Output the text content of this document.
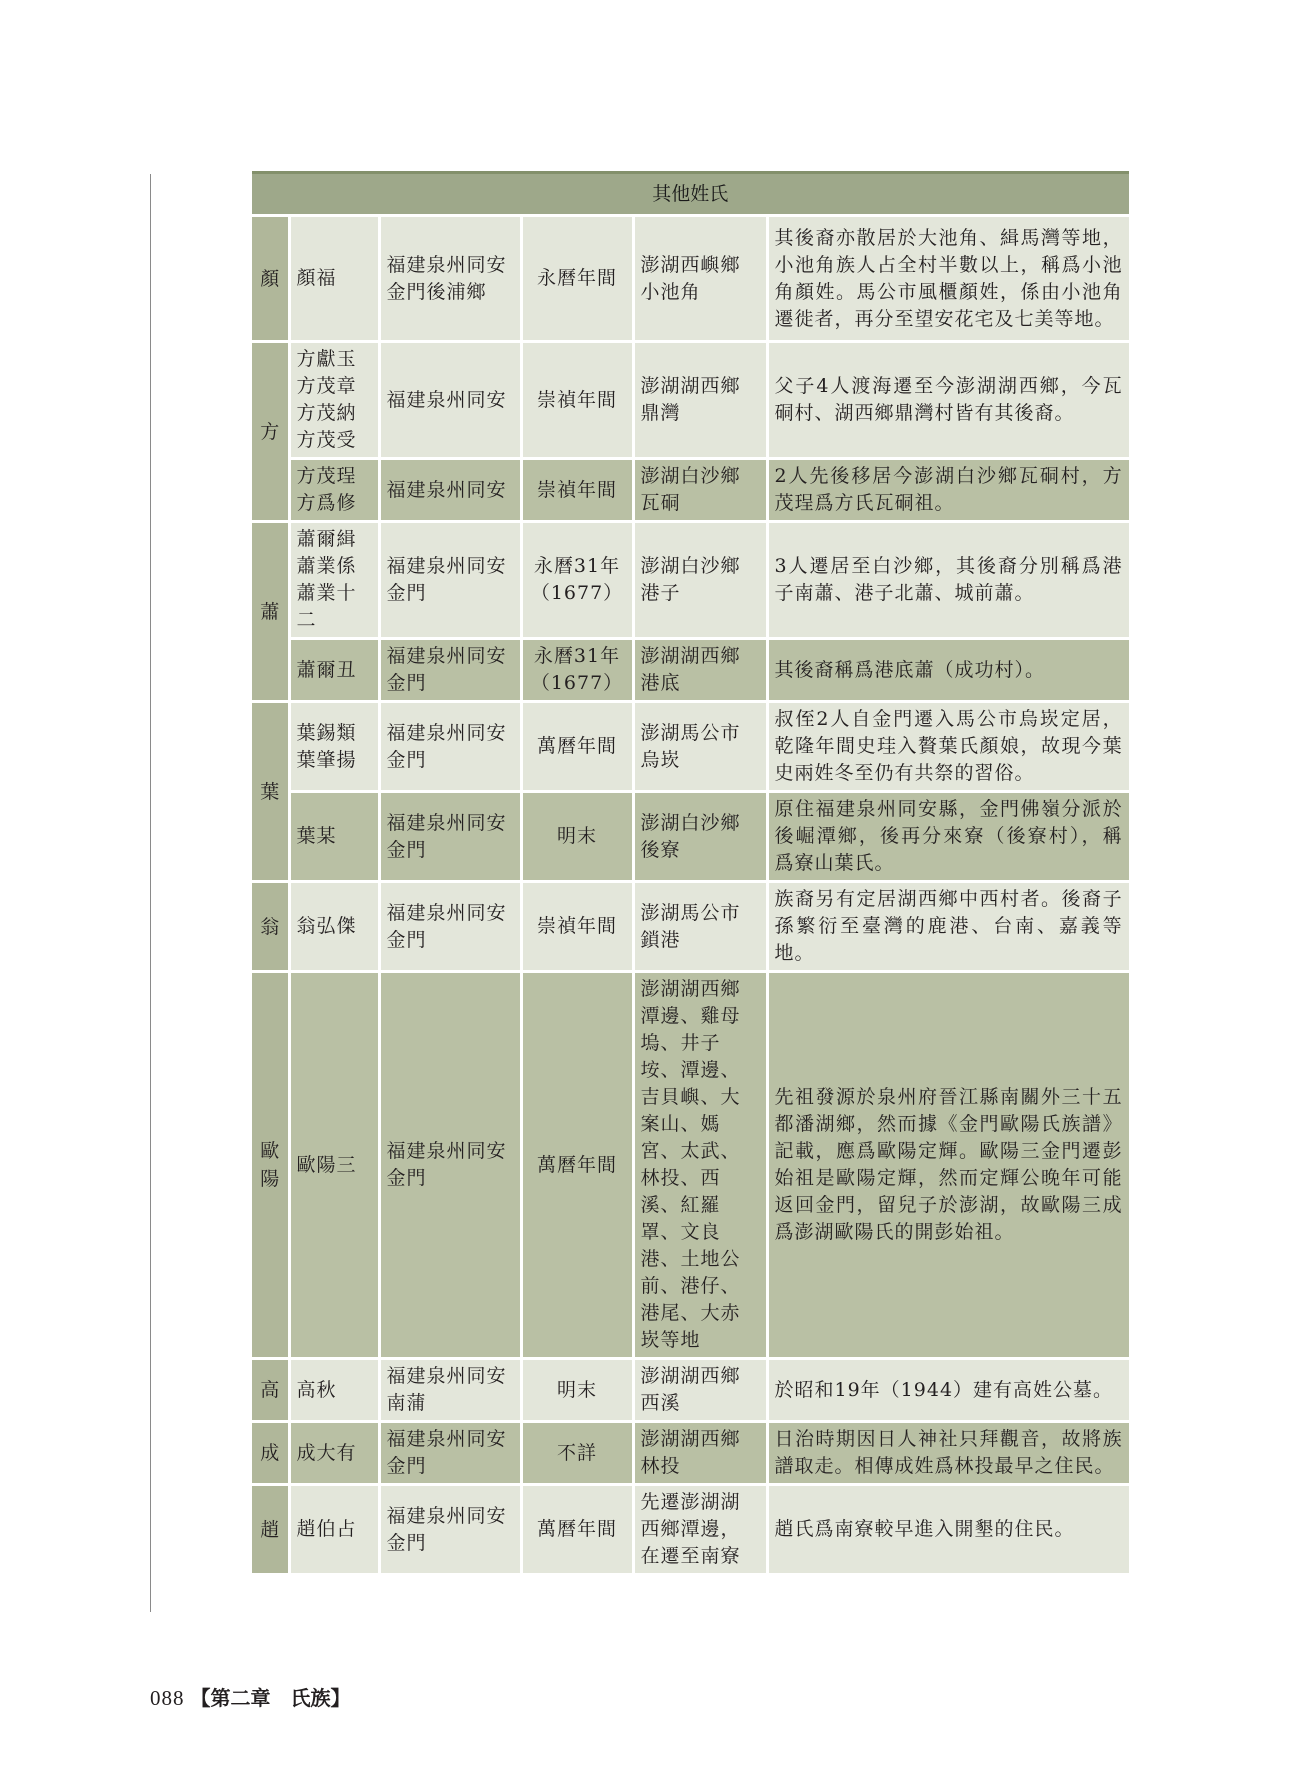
其他姓氏					
顏	顏福	福建泉州同安金門後浦鄉	永曆年間	澎湖西嶼鄉小池角	其後裔亦散居於大池角、緝馬灣等地，小池角族人占全村半數以上，稱爲小池角顏姓。馬公市風櫃顏姓，係由小池角遷徙者，再分至望安花宅及七美等地。
方	方獻玉方茂章方茂納方茂受	福建泉州同安	崇禎年間	澎湖湖西鄉鼎灣	父子4人渡海遷至今澎湖湖西鄉，今瓦硐村、湖西鄉鼎灣村皆有其後裔。
	方茂珵方爲修	福建泉州同安	崇禎年間	澎湖白沙鄉瓦硐	2人先後移居今澎湖白沙鄉瓦硐村，方茂珵爲方氏瓦硐祖。
蕭	蕭爾緝蕭業係蕭業十二	福建泉州同安金門	永曆31年（1677）	澎湖白沙鄉港子	3人遷居至白沙鄉，其後裔分別稱爲港子南蕭、港子北蕭、城前蕭。
	蕭爾丑	福建泉州同安金門	永曆31年（1677）	澎湖湖西鄉港底	其後裔稱爲港底蕭（成功村）。
葉	葉錫類葉肇揚	福建泉州同安金門	萬曆年間	澎湖馬公市烏崁	叔侄2人自金門遷入馬公市烏崁定居，乾隆年間史珪入贅葉氏顏娘，故現今葉史兩姓冬至仍有共祭的習俗。
	葉某	福建泉州同安金門	明末	澎湖白沙鄉後寮	原住福建泉州同安縣，金門佛嶺分派於後崛潭鄉，後再分來寮（後寮村），稱爲寮山葉氏。
翁	翁弘傑	福建泉州同安金門	崇禎年間	澎湖馬公市鎖港	族裔另有定居湖西鄉中西村者。後裔子孫繁衍至臺灣的鹿港、台南、嘉義等地。
歐陽	歐陽三	福建泉州同安金門	萬曆年間	澎湖湖西鄉潭邊、雞母塢、井子垵、潭邊、吉貝嶼、大案山、媽宮、太武、林投、西溪、紅羅罩、文良港、土地公前、港仔、港尾、大赤崁等地	先祖發源於泉州府晉江縣南關外三十五都潘湖鄉，然而據《金門歐陽氏族譜》記載，應爲歐陽定輝。歐陽三金門遷彭始祖是歐陽定輝，然而定輝公晚年可能返回金門，留兒子於澎湖，故歐陽三成爲澎湖歐陽氏的開彭始祖。
高	高秋	福建泉州同安南蒲	明末	澎湖湖西鄉西溪	於昭和19年（1944）建有高姓公墓。
成	成大有	福建泉州同安金門	不詳	澎湖湖西鄉林投	日治時期因日人神社只拜觀音，故將族譜取走。相傳成姓爲林投最早之住民。
趙	趙伯占	福建泉州同安金門	萬曆年間	先遷澎湖湖西鄉潭邊，在遷至南寮	趙氏爲南寮較早進入開墾的住民。
088 【第二章　氏族】
